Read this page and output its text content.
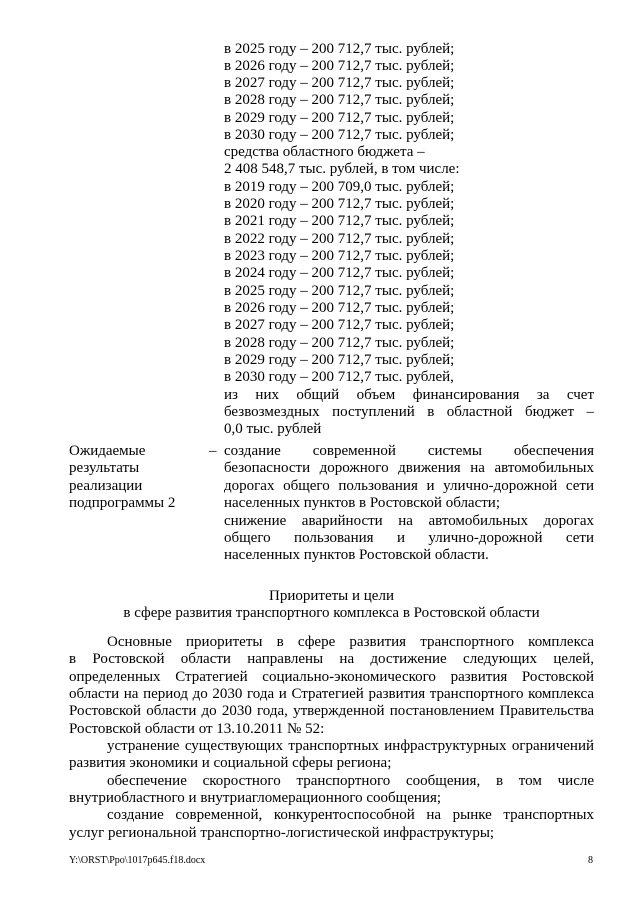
в 2025 году – 200 712,7 тыс. рублей;
в 2026 году – 200 712,7 тыс. рублей;
в 2027 году – 200 712,7 тыс. рублей;
в 2028 году – 200 712,7 тыс. рублей;
в 2029 году – 200 712,7 тыс. рублей;
в 2030 году – 200 712,7 тыс. рублей;
средства областного бюджета –
2 408 548,7 тыс. рублей, в том числе:
в 2019 году – 200 709,0 тыс. рублей;
в 2020 году – 200 712,7 тыс. рублей;
в 2021 году – 200 712,7 тыс. рублей;
в 2022 году – 200 712,7 тыс. рублей;
в 2023 году – 200 712,7 тыс. рублей;
в 2024 году – 200 712,7 тыс. рублей;
в 2025 году – 200 712,7 тыс. рублей;
в 2026 году – 200 712,7 тыс. рублей;
в 2027 году – 200 712,7 тыс. рублей;
в 2028 году – 200 712,7 тыс. рублей;
в 2029 году – 200 712,7 тыс. рублей;
в 2030 году – 200 712,7 тыс. рублей,
из них общий объем финансирования за счет
безвозмездных поступлений в областной бюджет –
0,0 тыс. рублей
Ожидаемые
результаты
реализации
подпрограммы 2
– создание современной системы обеспечения
безопасности дорожного движения на автомобильных
дорогах общего пользования и улично-дорожной сети
населенных пунктов в Ростовской области;
снижение аварийности на автомобильных дорогах
общего пользования и улично-дорожной сети
населенных пунктов Ростовской области.
Приоритеты и цели
в сфере развития транспортного комплекса в Ростовской области
Основные приоритеты в сфере развития транспортного комплекса
в Ростовской области направлены на достижение следующих целей,
определенных Стратегией социально-экономического развития Ростовской
области на период до 2030 года и Стратегией развития транспортного комплекса
Ростовской области до 2030 года, утвержденной постановлением Правительства
Ростовской области от 13.10.2011 № 52:
устранение существующих транспортных инфраструктурных ограничений
развития экономики и социальной сферы региона;
обеспечение скоростного транспортного сообщения, в том числе
внутриобластного и внутриагломерационного сообщения;
создание современной, конкурентоспособной на рынке транспортных
услуг региональной транспортно-логистической инфраструктуры;
Y:\ORST\Ppo\1017p645.f18.docx	8
